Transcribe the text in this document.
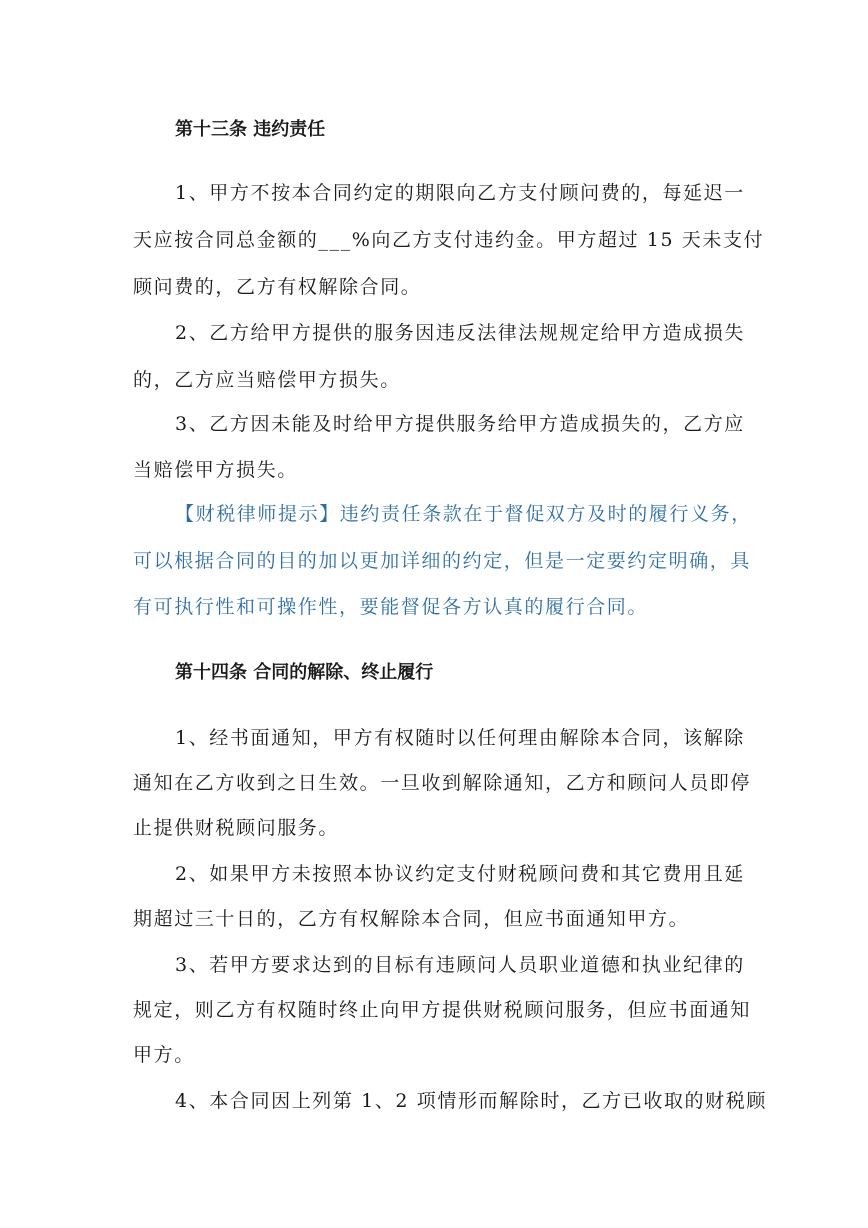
第十三条 违约责任
1、甲方不按本合同约定的期限向乙方支付顾问费的，每延迟一
天应按合同总金额的___%向乙方支付违约金。甲方超过 15 天未支付
顾问费的，乙方有权解除合同。
2、乙方给甲方提供的服务因违反法律法规规定给甲方造成损失
的，乙方应当赔偿甲方损失。
3、乙方因未能及时给甲方提供服务给甲方造成损失的，乙方应
当赔偿甲方损失。
【财税律师提示】违约责任条款在于督促双方及时的履行义务，
可以根据合同的目的加以更加详细的约定，但是一定要约定明确，具
有可执行性和可操作性，要能督促各方认真的履行合同。
第十四条 合同的解除、终止履行
1、经书面通知，甲方有权随时以任何理由解除本合同，该解除
通知在乙方收到之日生效。一旦收到解除通知，乙方和顾问人员即停
止提供财税顾问服务。
2、如果甲方未按照本协议约定支付财税顾问费和其它费用且延
期超过三十日的，乙方有权解除本合同，但应书面通知甲方。
3、若甲方要求达到的目标有违顾问人员职业道德和执业纪律的
规定，则乙方有权随时终止向甲方提供财税顾问服务，但应书面通知
甲方。
4、本合同因上列第 1、2 项情形而解除时，乙方已收取的财税顾
